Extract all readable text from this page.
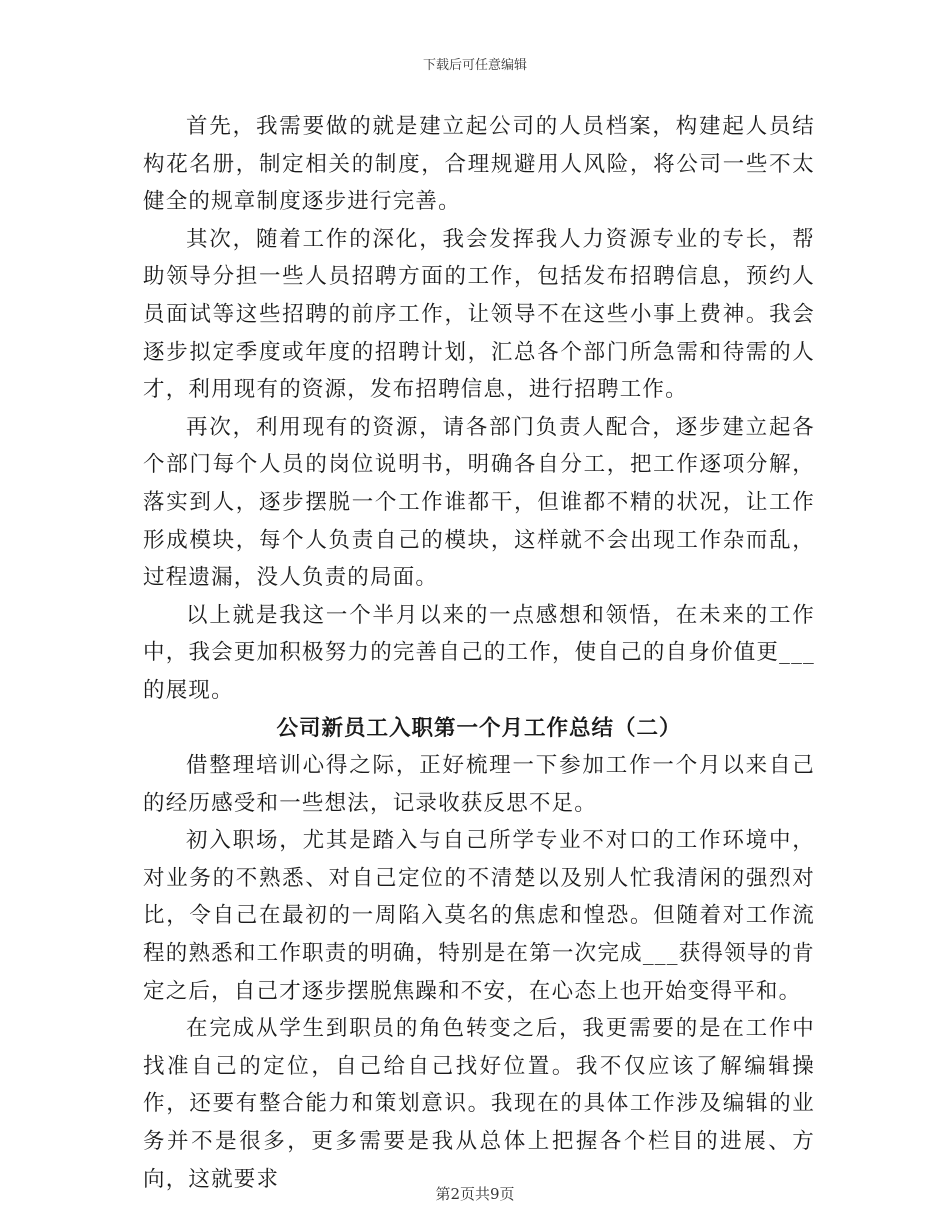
下载后可任意编辑

首先，我需要做的就是建立起公司的人员档案，构建起人员结构花名册，制定相关的制度，合理规避用人风险，将公司一些不太健全的规章制度逐步进行完善。

其次，随着工作的深化，我会发挥我人力资源专业的专长，帮助领导分担一些人员招聘方面的工作，包括发布招聘信息，预约人员面试等这些招聘的前序工作，让领导不在这些小事上费神。我会逐步拟定季度或年度的招聘计划，汇总各个部门所急需和待需的人才，利用现有的资源，发布招聘信息，进行招聘工作。

再次，利用现有的资源，请各部门负责人配合，逐步建立起各个部门每个人员的岗位说明书，明确各自分工，把工作逐项分解，落实到人，逐步摆脱一个工作谁都干，但谁都不精的状况，让工作形成模块，每个人负责自己的模块，这样就不会出现工作杂而乱，过程遗漏，没人负责的局面。

以上就是我这一个半月以来的一点感想和领悟，在未来的工作中，我会更加积极努力的完善自己的工作，使自己的自身价值更___的展现。

公司新员工入职第一个月工作总结（二）

借整理培训心得之际，正好梳理一下参加工作一个月以来自己的经历感受和一些想法，记录收获反思不足。

初入职场，尤其是踏入与自己所学专业不对口的工作环境中，对业务的不熟悉、对自己定位的不清楚以及别人忙我清闲的强烈对比，令自己在最初的一周陷入莫名的焦虑和惶恐。但随着对工作流程的熟悉和工作职责的明确，特别是在第一次完成___获得领导的肯定之后，自己才逐步摆脱焦躁和不安，在心态上也开始变得平和。

在完成从学生到职员的角色转变之后，我更需要的是在工作中找准自己的定位，自己给自己找好位置。我不仅应该了解编辑操作，还要有整合能力和策划意识。我现在的具体工作涉及编辑的业务并不是很多，更多需要是我从总体上把握各个栏目的进展、方向，这就要求

第2页共9页
